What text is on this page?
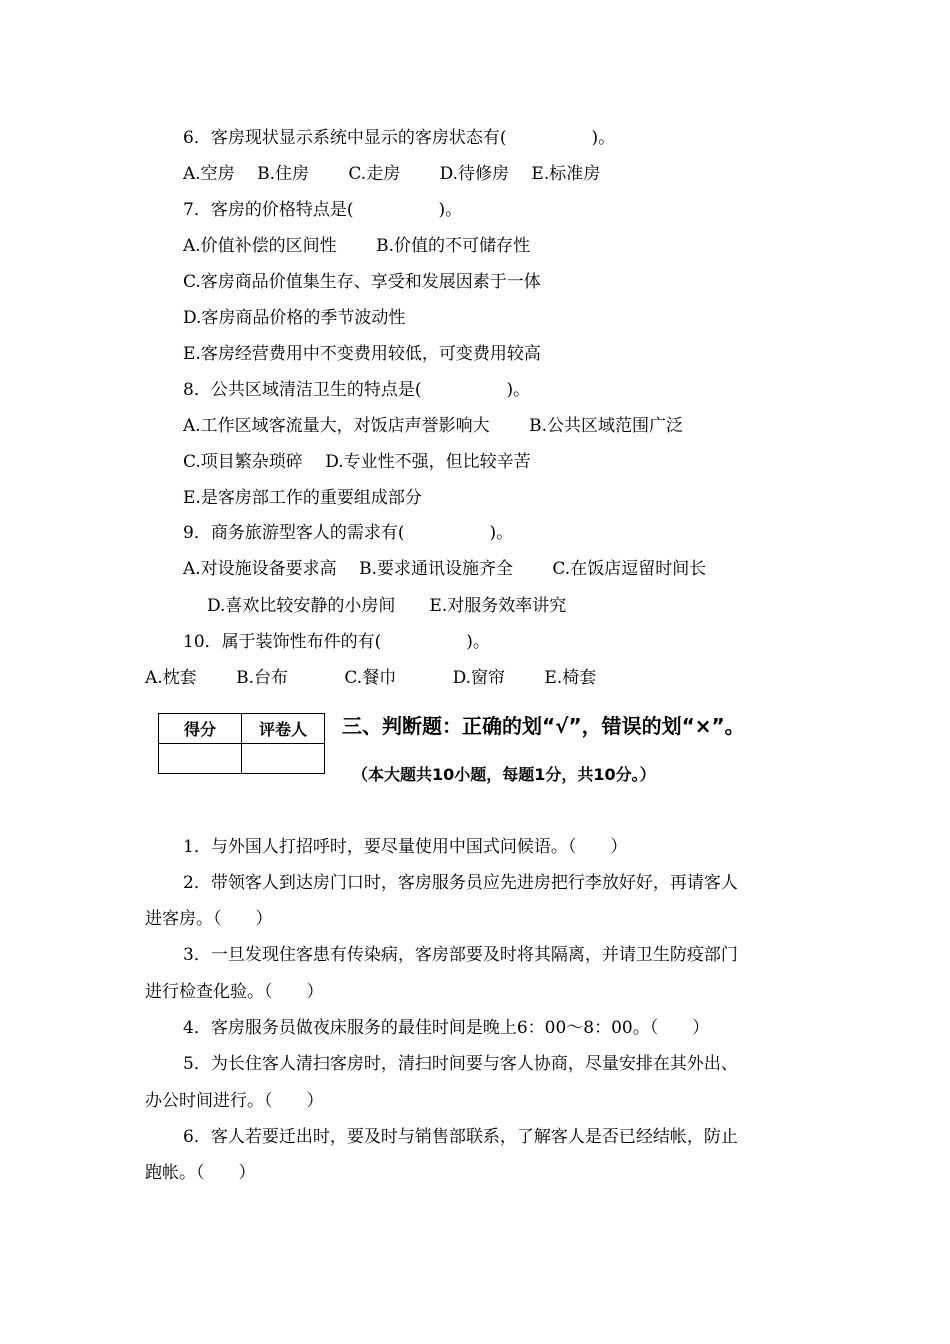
6．客房现状显示系统中显示的客房状态有(　　　　　)。
A.空房　 B.住房　　 C.走房　　 D.待修房　 E.标准房
7．客房的价格特点是(　　　　　)。
A.价值补偿的区间性　　 B.价值的不可储存性
C.客房商品价值集生存、享受和发展因素于一体
D.客房商品价格的季节波动性
E.客房经营费用中不变费用较低，可变费用较高
8．公共区域清洁卫生的特点是(　　　　　)。
A.工作区域客流量大，对饭店声誉影响大　　 B.公共区域范围广泛
C.项目繁杂琐碎　 D.专业性不强，但比较辛苦
E.是客房部工作的重要组成部分
9．商务旅游型客人的需求有(　　　　　)。
A.对设施设备要求高　 B.要求通讯设施齐全　　 C.在饭店逗留时间长
　D.喜欢比较安静的小房间　　E.对服务效率讲究
10．属于装饰性布件的有(　　　　　)。
A.枕套　　 B.台布　　　 C.餐巾　　　 D.窗帘　　 E.椅套
得分	评卷人
	三、判断题：正确的划“√”，错误的划“×”。
（本大题共10小题，每题1分，共10分。）
1．与外国人打招呼时，要尽量使用中国式问候语。（　　）
2．带领客人到达房门口时，客房服务员应先进房把行李放好好，再请客人
进客房。（　　）
3．一旦发现住客患有传染病，客房部要及时将其隔离，并请卫生防疫部门
进行检查化验。（　　）
4．客房服务员做夜床服务的最佳时间是晚上6：00～8：00。（　　）
5．为长住客人清扫客房时，清扫时间要与客人协商，尽量安排在其外出、
办公时间进行。（　　）
6．客人若要迁出时，要及时与销售部联系，了解客人是否已经结帐，防止
跑帐。（　　）
